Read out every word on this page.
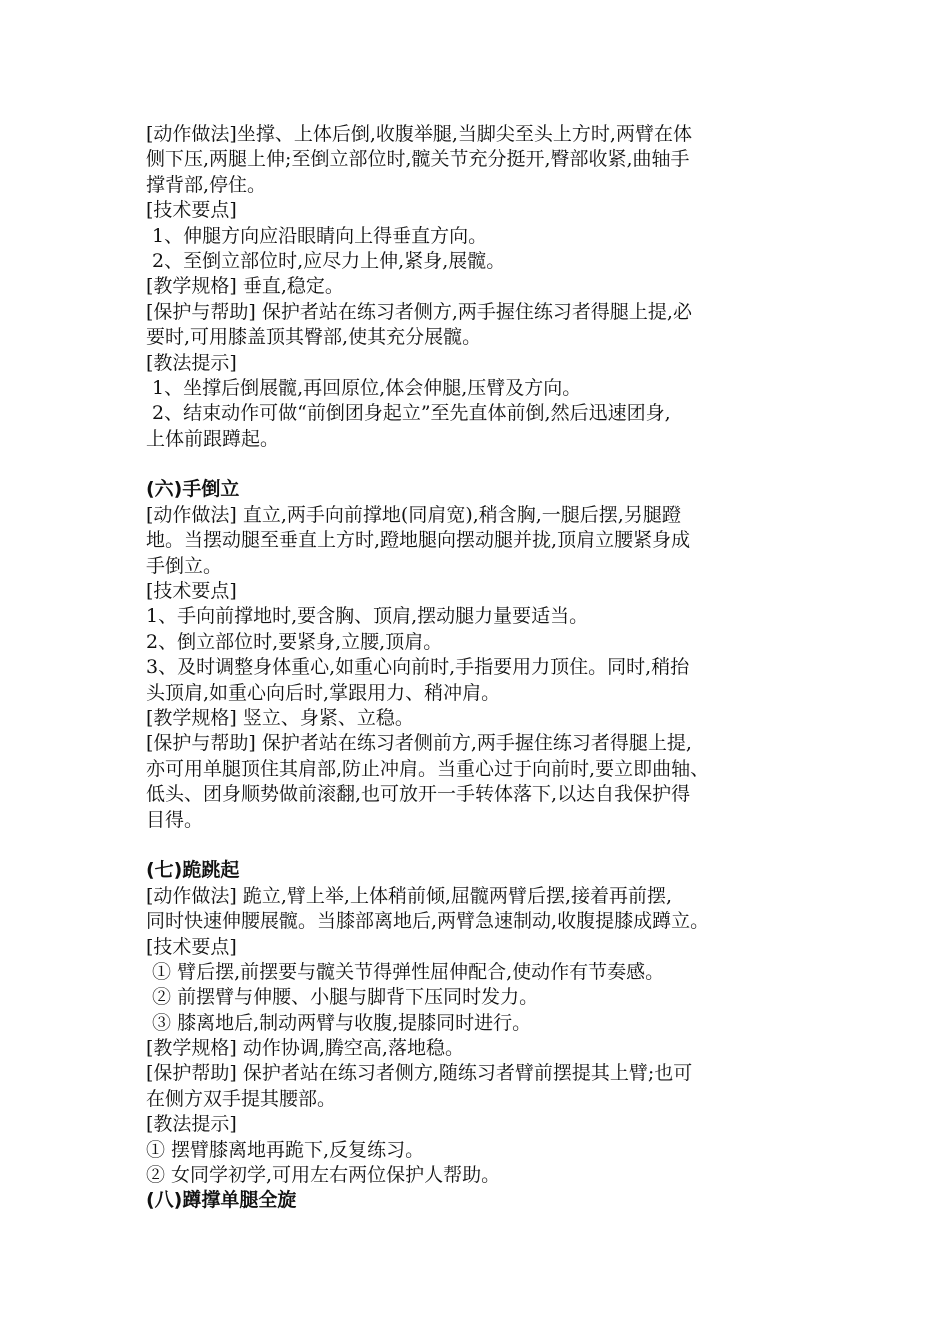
[动作做法]坐撑、上体后倒,收腹举腿,当脚尖至头上方时,两臂在体
侧下压,两腿上伸;至倒立部位时,髋关节充分挺开,臀部收紧,曲轴手
撑背部,停住。
[技术要点]
1、伸腿方向应沿眼睛向上得垂直方向。
2、至倒立部位时,应尽力上伸,紧身,展髋。
[教学规格] 垂直,稳定。
[保护与帮助] 保护者站在练习者侧方,两手握住练习者得腿上提,必
要时,可用膝盖顶其臀部,使其充分展髋。
[教法提示]
1、坐撑后倒展髋,再回原位,体会伸腿,压臂及方向。
2、结束动作可做“前倒团身起立”至先直体前倒,然后迅速团身,
上体前跟蹲起。
(六)手倒立
[动作做法] 直立,两手向前撑地(同肩宽),稍含胸,一腿后摆,另腿蹬
地。当摆动腿至垂直上方时,蹬地腿向摆动腿并拢,顶肩立腰紧身成
手倒立。
[技术要点]
1、手向前撑地时,要含胸、顶肩,摆动腿力量要适当。
2、倒立部位时,要紧身,立腰,顶肩。
3、及时调整身体重心,如重心向前时,手指要用力顶住。同时,稍抬
头顶肩,如重心向后时,掌跟用力、稍冲肩。
[教学规格] 竖立、身紧、立稳。
[保护与帮助] 保护者站在练习者侧前方,两手握住练习者得腿上提,
亦可用单腿顶住其肩部,防止冲肩。当重心过于向前时,要立即曲轴、
低头、团身顺势做前滚翻,也可放开一手转体落下,以达自我保护得
目得。
(七)跪跳起
[动作做法] 跪立,臂上举,上体稍前倾,屈髋两臂后摆,接着再前摆,
同时快速伸腰展髋。当膝部离地后,两臂急速制动,收腹提膝成蹲立。
[技术要点]
① 臂后摆,前摆要与髋关节得弹性屈伸配合,使动作有节奏感。
② 前摆臂与伸腰、小腿与脚背下压同时发力。
③ 膝离地后,制动两臂与收腹,提膝同时进行。
[教学规格] 动作协调,腾空高,落地稳。
[保护帮助] 保护者站在练习者侧方,随练习者臂前摆提其上臂;也可
在侧方双手提其腰部。
[教法提示]
① 摆臂膝离地再跪下,反复练习。
② 女同学初学,可用左右两位保护人帮助。
(八)蹲撑单腿全旋
